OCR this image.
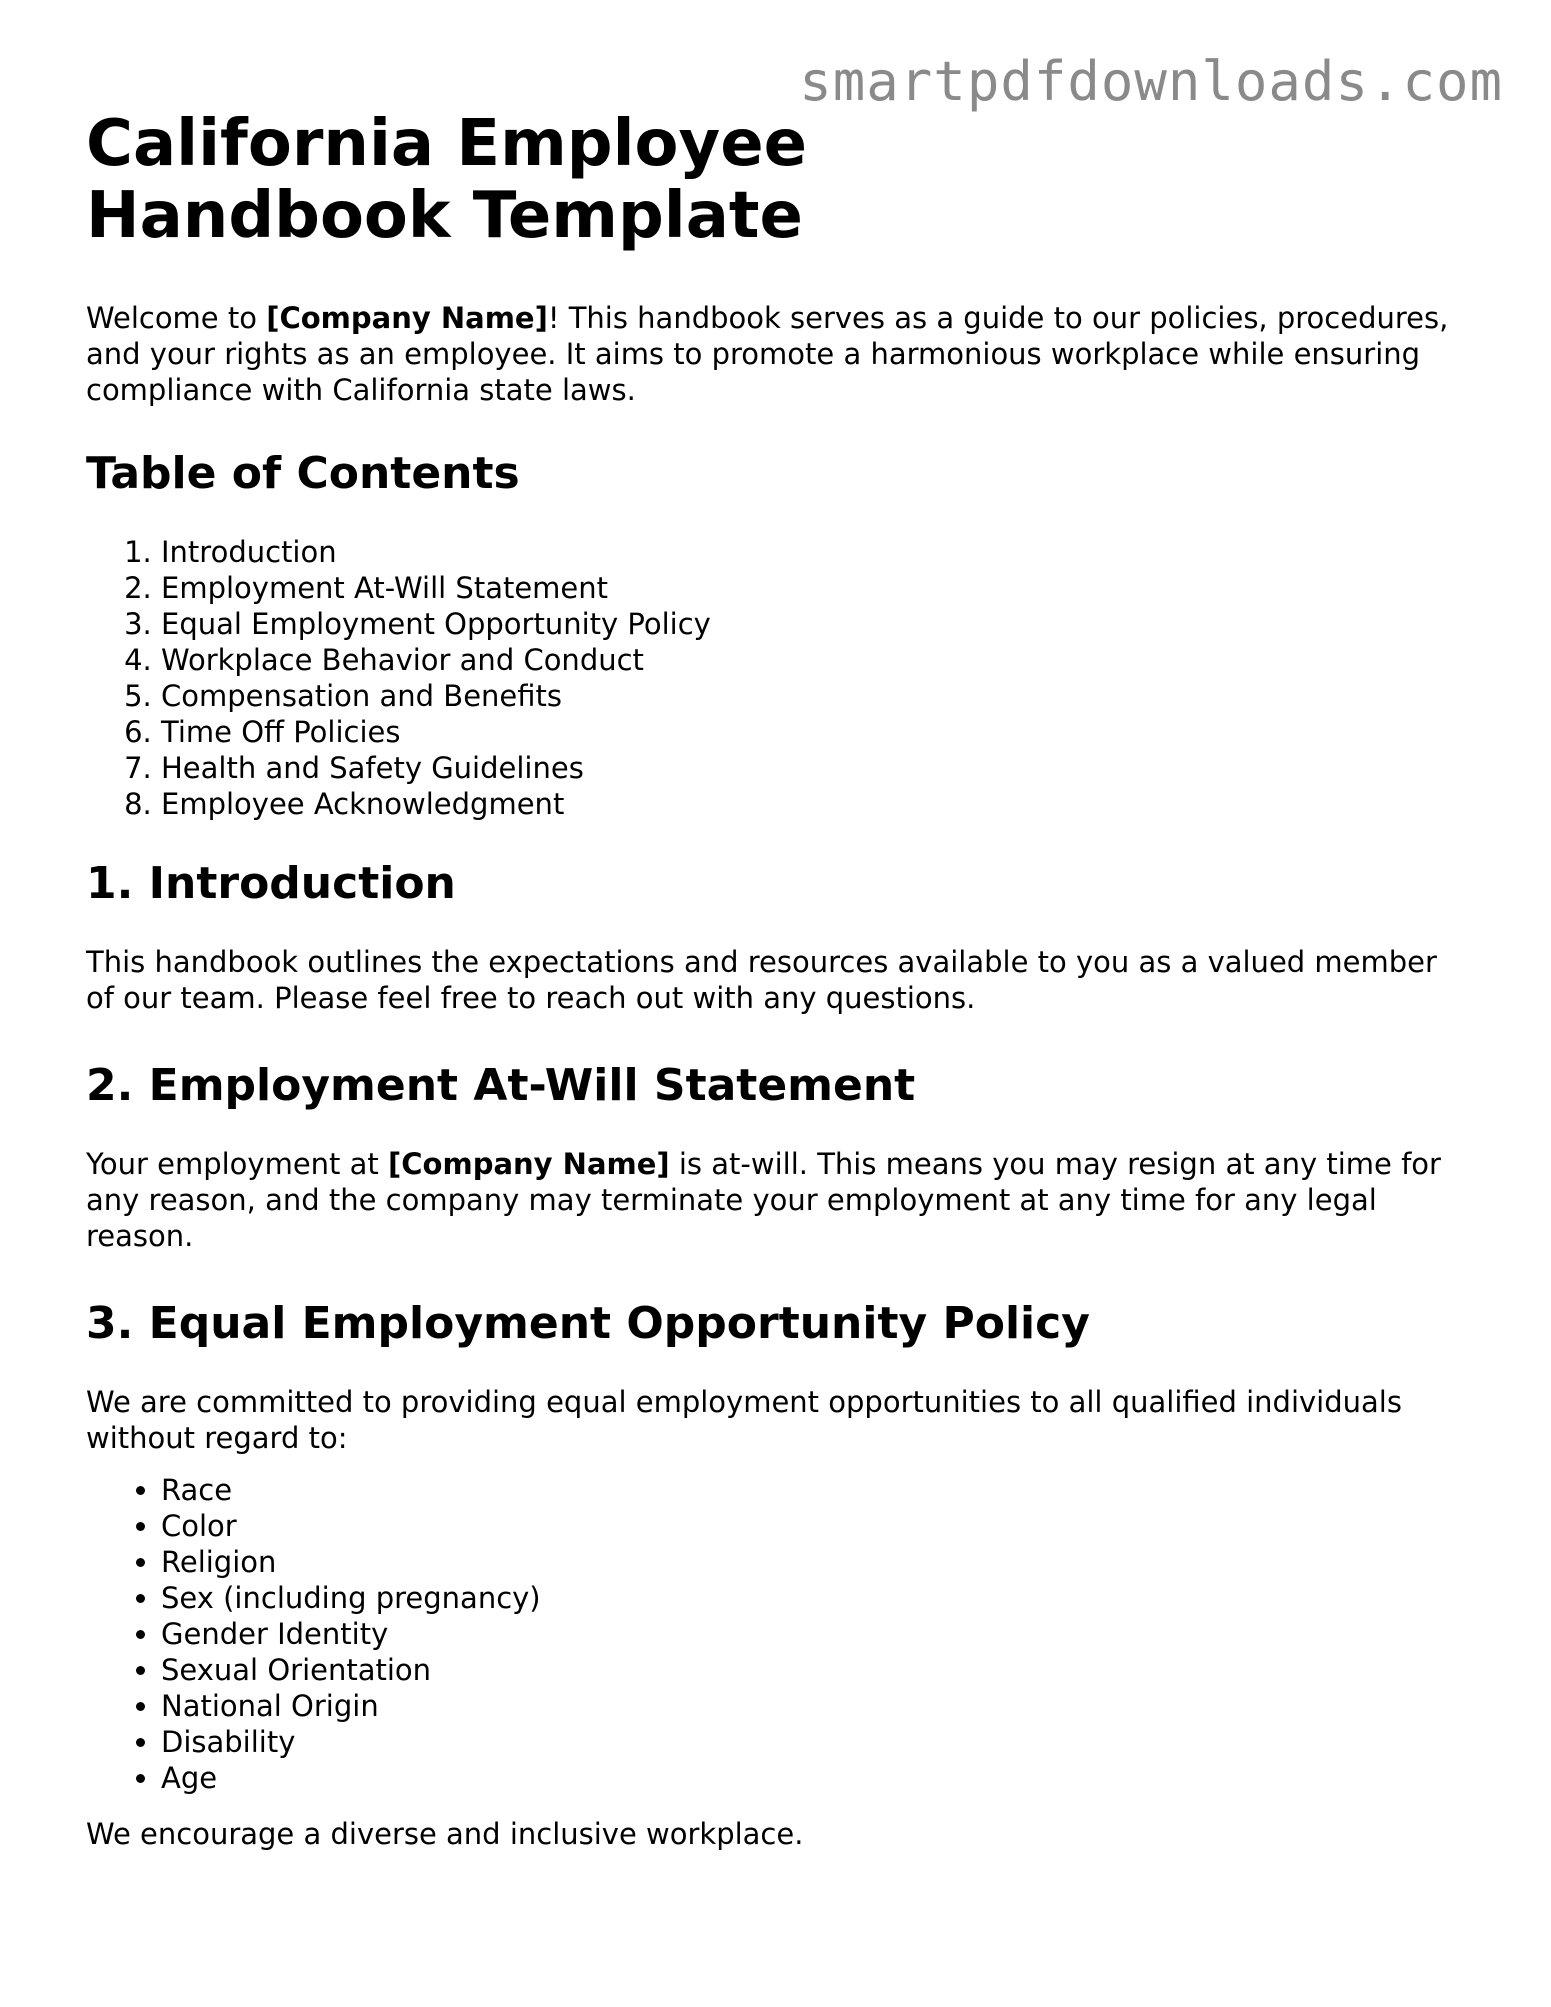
smartpdfdownloads.com
California Employee Handbook Template

Welcome to [Company Name]! This handbook serves as a guide to our policies, procedures, and your rights as an employee. It aims to promote a harmonious workplace while ensuring compliance with California state laws.

Table of Contents
1. Introduction
2. Employment At-Will Statement
3. Equal Employment Opportunity Policy
4. Workplace Behavior and Conduct
5. Compensation and Benefits
6. Time Off Policies
7. Health and Safety Guidelines
8. Employee Acknowledgment
1. Introduction

This handbook outlines the expectations and resources available to you as a valued member of our team. Please feel free to reach out with any questions.

2. Employment At-Will Statement

Your employment at [Company Name] is at-will. This means you may resign at any time for any reason, and the company may terminate your employment at any time for any legal reason.

3. Equal Employment Opportunity Policy

We are committed to providing equal employment opportunities to all qualified individuals without regard to:

• Race
• Color
• Religion
• Sex (including pregnancy)
• Gender Identity
• Sexual Orientation
• National Origin
• Disability
• Age

We encourage a diverse and inclusive workplace.
